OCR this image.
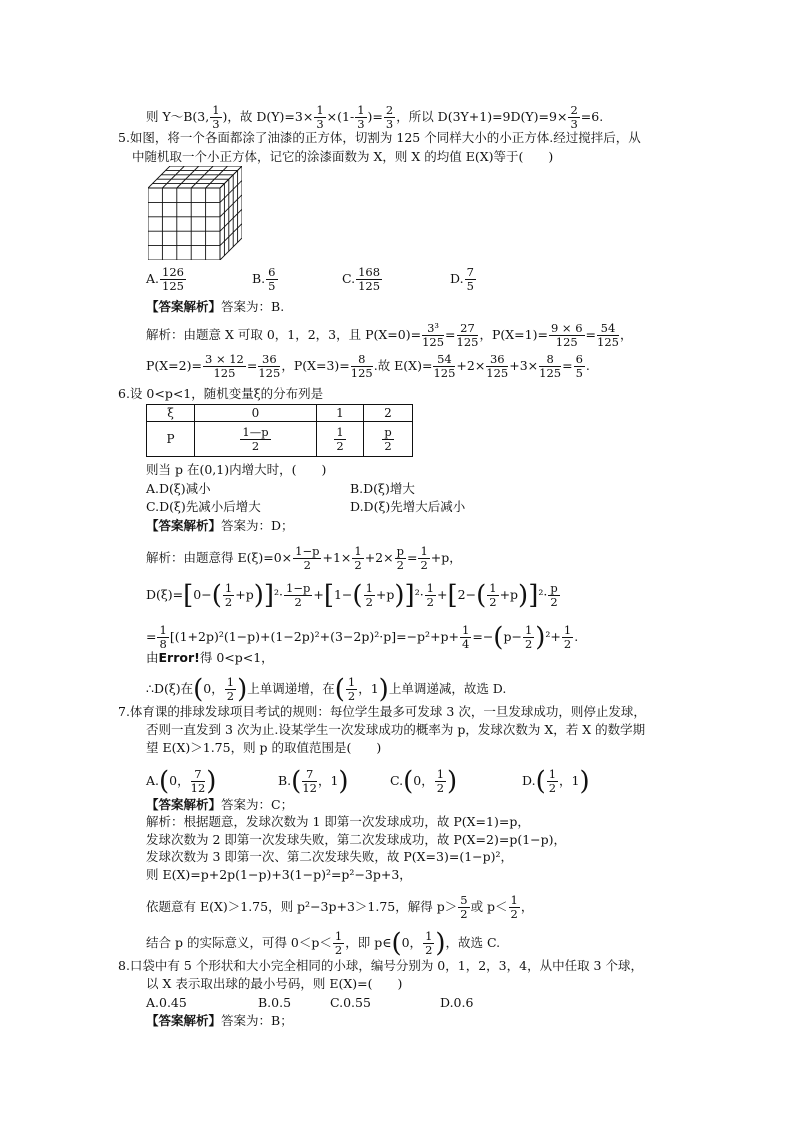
则 Y～B(3, $\frac{1}{3}$ )，故 $D(Y)=3\times \frac{1}{3} \times(1- \frac{1}{3}$ )= $\frac{2}{3}$ ，所以 $D(3Y+1)=9D(Y)=9\times \frac{2}{3} =6$.
5.如图，将一个各面都涂了油漆的正方体，切割为 125 个同样大小的小正方体.经过搅拌后，从
中随机取一个小正方体，记它的涂漆面数为 X，则 X 的均值 E(X)等于(　　)
A. $\frac{126}{125}$	B. $\frac{6}{5}$	C. $\frac{168}{125}$	D. $\frac{7}{5}$
【答案解析】答案为：B.
解析：由题意 X 可取 0，1，2，3，且 $P(X=0)= \frac{\text{3³}}{125} = \frac{27}{125}$ ，$P(X=1)= \frac{9 \times 6}{125} = \frac{54}{125}$ ，
$P(X=2)= \frac{3 \times 12}{125} = \frac{36}{125}$ ，$P(X=3)= \frac{8}{125}$ .故 $E(X)= \frac{54}{125} +2\times \frac{36}{125} +3\times \frac{8}{125} = \frac{6}{5}$ .
6.设 0<p<1，随机变量ξ的分布列是
ξ	0	1	2
P	$\frac{1—p}{2}$	$\frac{1}{2}$	$\frac{p}{2}$
则当 p 在(0,1)内增大时，(　　)
A.D(ξ)减小	B.D(ξ)增大
C.D(ξ)先减小后增大	D.D(ξ)先增大后减小
【答案解析】答案为：D；
解析：由题意得 $E(\xi)=0\times \frac{1-p}{2} +1\times \frac{1}{2} +2\times \frac{p}{2} = \frac{1}{2} +p$，
$D(\xi)=[0-( \frac{1}{2} +p)]^2\cdot \frac{1-p}{2} +[1-( \frac{1}{2} +p)]^2\cdot \frac{1}{2} +[2-( \frac{1}{2} +p)]^2\cdot \frac{p}{2}$
= $\frac{1}{8} [(1+2p)^2(1-p)+(1-2p)^2+(3-2p)^2\cdot p]=-p^2+p+ \frac{1}{4} =-(p- \frac{1}{2} )^2+ \frac{1}{2}$ .
由Error!得 0<p<1，
∴D(ξ)在(0， $\frac{1}{2}$ )上单调递增，在( $\frac{1}{2}$ ，1)上单调递减，故选 D.
7.体育课的排球发球项目考试的规则：每位学生最多可发球 3 次，一旦发球成功，则停止发球，
否则一直发到 3 次为止.设某学生一次发球成功的概率为 p，发球次数为 X，若 X 的数学期
望 E(X)＞1.75，则 p 的取值范围是(　　)
A.(0， $\frac{7}{12}$ )	$B.( \frac{7}{12}$ ，1)	C.(0， $\frac{1}{2}$ )	$D.( \frac{1}{2}$ ，1)
【答案解析】答案为：C；
解析：根据题意，发球次数为 1 即第一次发球成功，故 P(X=1)=p，
发球次数为 2 即第一次发球失败，第二次发球成功，故 P(X=2)=p(1−p)，
发球次数为 3 即第一次、第二次发球失败，故 P(X=3)=(1−p)²，
则 E(X)=p+2p(1−p)+3(1−p)²=p²−3p+3，
依题意有 E(X)＞1.75，则 p²−3p+3＞1.75，解得 $p> \frac{5}{2}$ 或 $p< \frac{1}{2}$ ，
结合 p 的实际意义，可得 $0<p< \frac{1}{2}$ ，即 p∈(0， $\frac{1}{2}$ )，故选 C.
8.口袋中有 5 个形状和大小完全相同的小球，编号分别为 0，1，2，3，4，从中任取 3 个球，
以 X 表示取出球的最小号码，则 E(X)=(　　)
A.0.45	B.0.5	C.0.55	D.0.6
【答案解析】答案为：B；
